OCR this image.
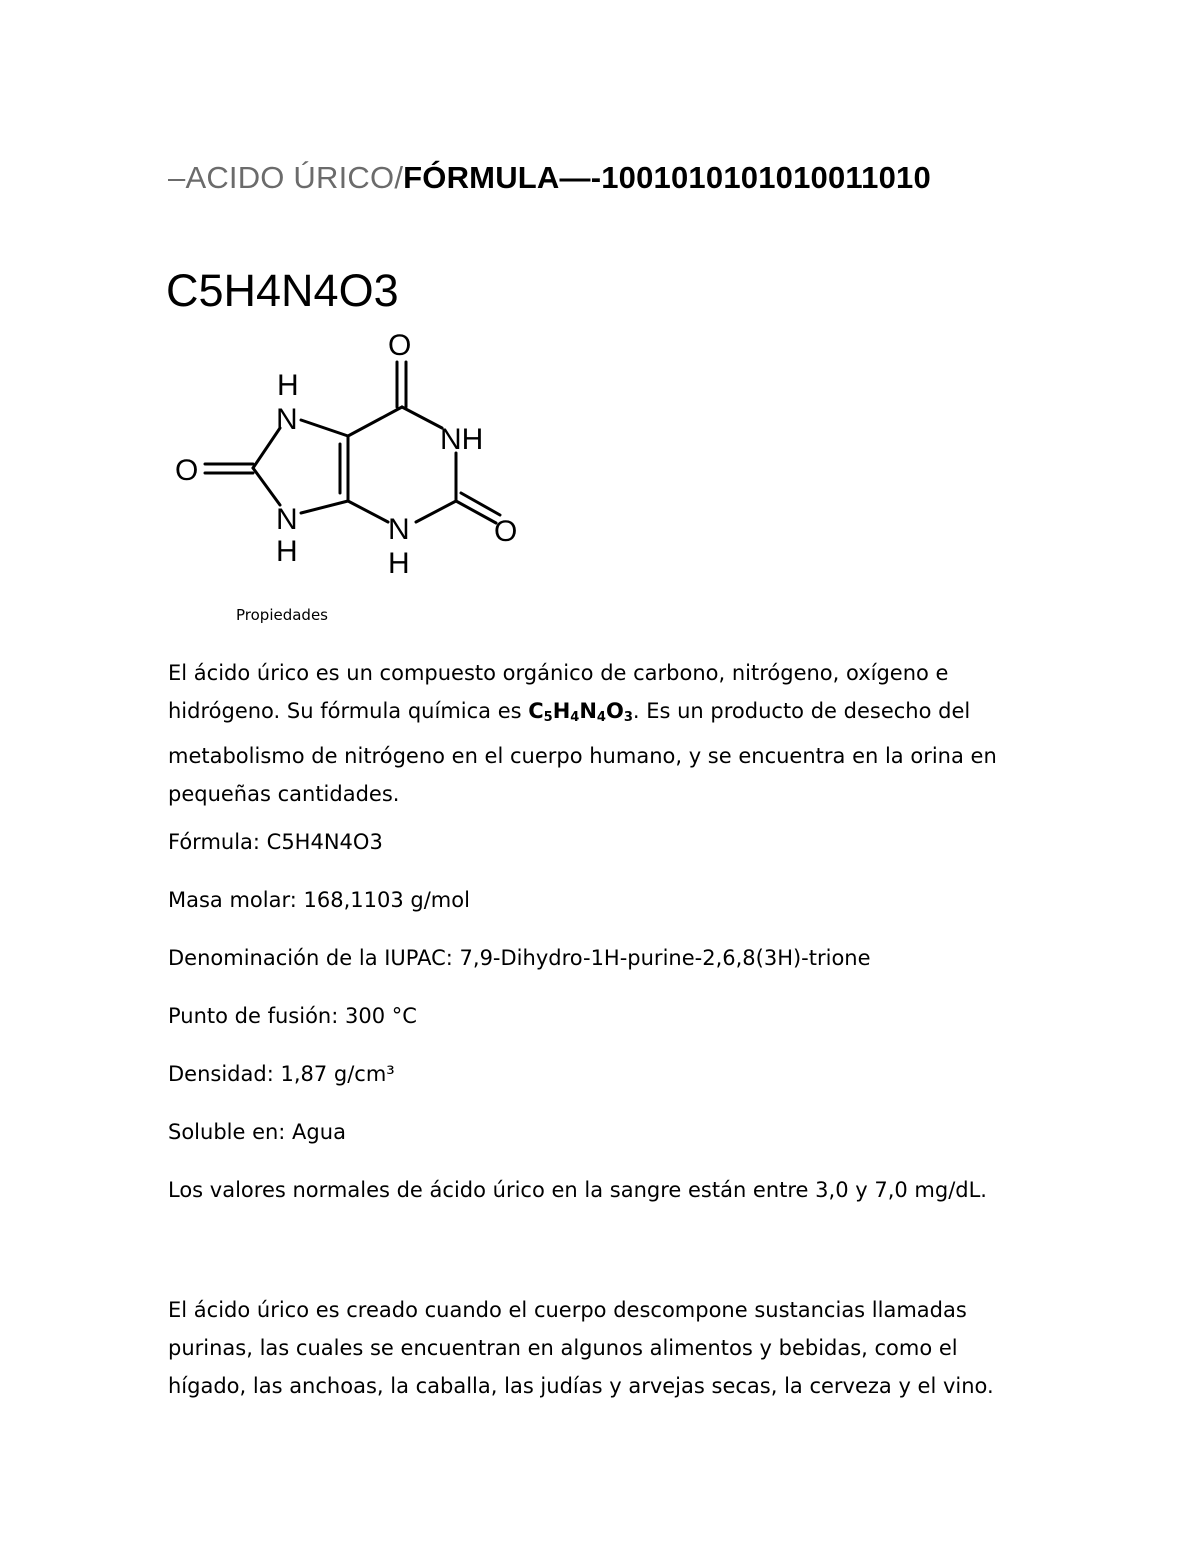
–ACIDO ÚRICO/FÓRMULA—-1001010101010011010
C5H4N4O3
O
H
N
NH
O
N
H
N
H
O
Propiedades

El ácido úrico es un compuesto orgánico de carbono, nitrógeno, oxígeno e hidrógeno. Su fórmula química es $C_5H_4N_4O_3$. Es un producto de desecho del metabolismo de nitrógeno en el cuerpo humano, y se encuentra en la orina en pequeñas cantidades.

Fórmula: C5H4N4O3

Masa molar: 168,1103 g/mol

Denominación de la IUPAC: 7,9-Dihydro-1H-purine-2,6,8(3H)-trione

Punto de fusión: 300 °C

Densidad: 1,87 g/cm³

Soluble en: Agua

Los valores normales de ácido úrico en la sangre están entre 3,0 y 7,0 mg/dL.

El ácido úrico es creado cuando el cuerpo descompone sustancias llamadas purinas, las cuales se encuentran en algunos alimentos y bebidas, como el hígado, las anchoas, la caballa, las judías y arvejas secas, la cerveza y el vino.
